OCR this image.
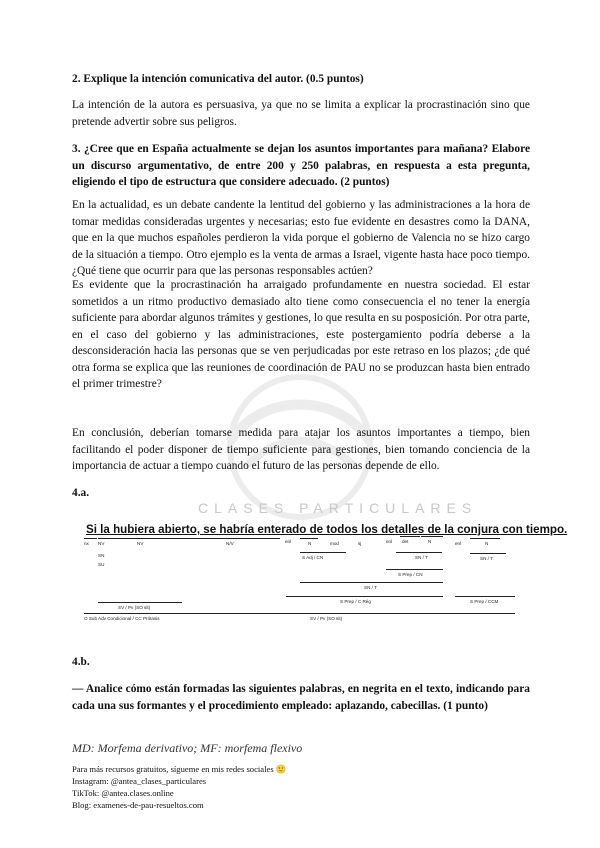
CLASES PARTICULARES
2. Explique la intención comunicativa del autor. (0.5 puntos)
La intención de la autora es persuasiva, ya que no se limita a explicar la procrastinación sino que pretende advertir sobre sus peligros.
3. ¿Cree que en España actualmente se dejan los asuntos importantes para mañana? Elabore un discurso argumentativo, de entre 200 y 250 palabras, en respuesta a esta pregunta, eligiendo el tipo de estructura que considere adecuado. (2 puntos)
En la actualidad, es un debate candente la lentitud del gobierno y las administraciones a la hora de tomar medidas consideradas urgentes y necesarias; esto fue evidente en desastres como la DANA, que en la que muchos españoles perdieron la vida porque el gobierno de Valencia no se hizo cargo de la situación a tiempo. Otro ejemplo es la venta de armas a Israel, vigente hasta hace poco tiempo. ¿Qué tiene que ocurrir para que las personas responsables actúen?
Es evidente que la procrastinación ha arraigado profundamente en nuestra sociedad. El estar sometidos a un ritmo productivo demasiado alto tiene como consecuencia el no tener la energía suficiente para abordar algunos trámites y gestiones, lo que resulta en su posposición. Por otra parte, en el caso del gobierno y las administraciones, este postergamiento podría deberse a la desconsideración hacia las personas que se ven perjudicadas por este retraso en los plazos; ¿de qué otra forma se explica que las reuniones de coordinación de PAU no se produzcan hasta bien entrado el primer trimestre?
En conclusión, deberían tomarse medida para atajar los asuntos importantes a tiempo, bien facilitando el poder disponer de tiempo suficiente para gestiones, bien tomando conciencia de la importancia de actuar a tiempo cuando el futuro de las personas depende de ello.
4.a.
Si la hubiera abierto, se habría enterado de todos los detalles de la conjura con tiempo.
nx NV
SN
SU
NV	N/V	enl	N	mod	sj	enl det	N	enl	N
SN / T
S Adj / CN	SN / T
S Prep / CN
SN / T
S Prep / C Rég	S Prep / CCM
SV / Pv (SO sit)
O Sub Adv Condicional / CC Prótasis	SV / Pv (SO sit)
4.b.
— Analice cómo están formadas las siguientes palabras, en negrita en el texto, indicando para cada una sus formantes y el procedimiento empleado: aplazando, cabecillas. (1 punto)
MD: Morfema derivativo; MF: morfema flexivo
Para más recursos gratuitos, sígueme en mis redes sociales 🙂
Instagram: @antea_clases_particulares
TikTok: @antea.clases.online
Blog: examenes-de-pau-resueltos.com
